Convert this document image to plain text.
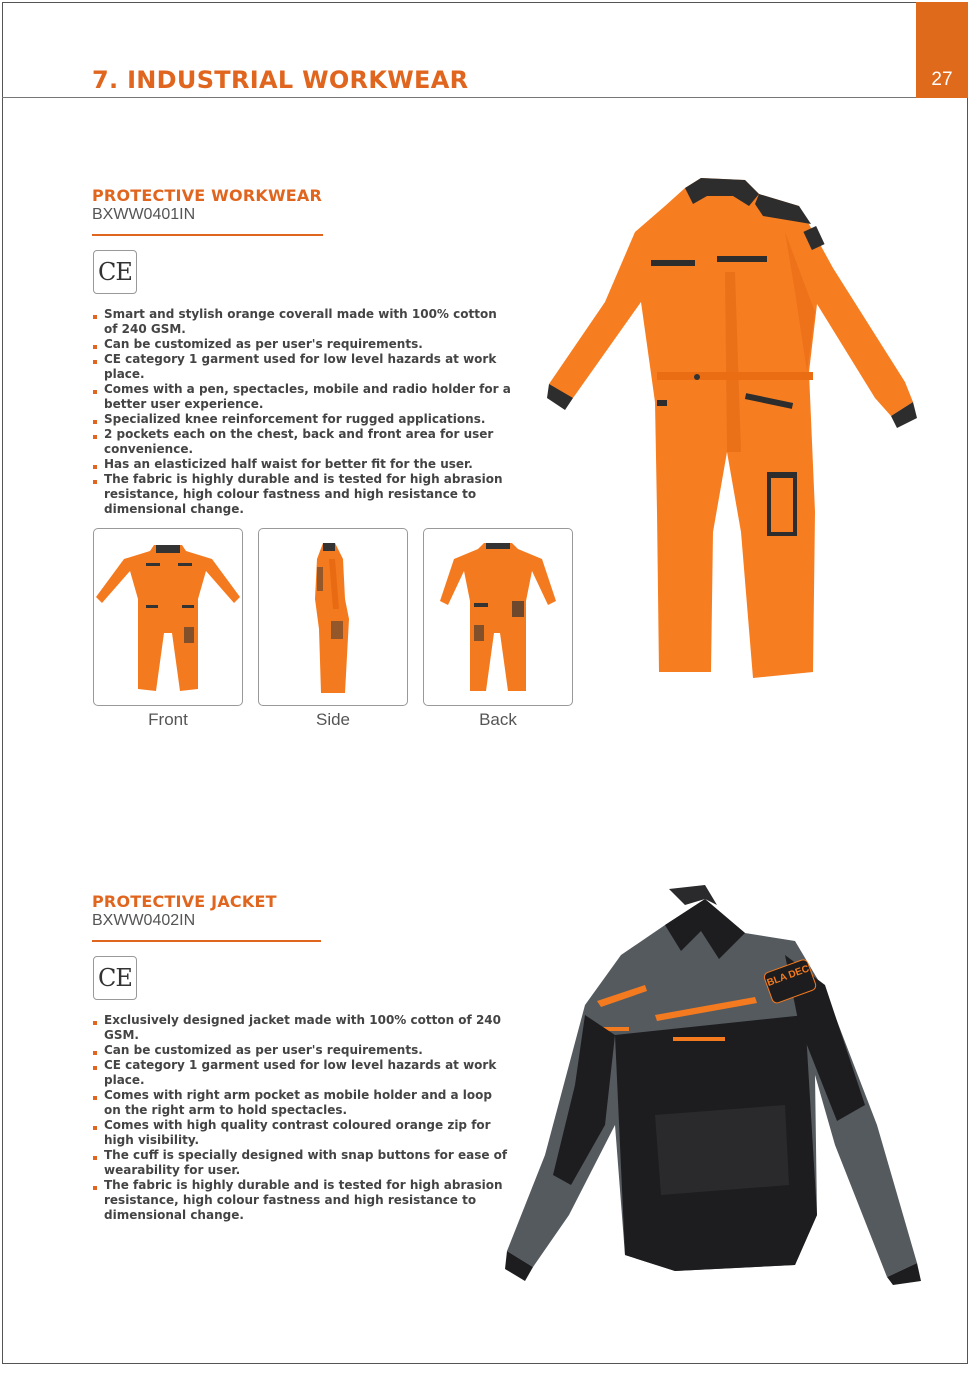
7. INDUSTRIAL WORKWEAR	27
PROTECTIVE WORKWEAR
BXWW0401IN
CE
Smart and stylish orange coverall made with 100% cotton of 240 GSM.
Can be customized as per user's requirements.
CE category 1 garment used for low level hazards at work place.
Comes with a pen, spectacles, mobile and radio holder for a better user experience.
Specialized knee reinforcement for rugged applications.
2 pockets each on the chest, back and front area for user convenience.
Has an elasticized half waist for better fit for the user.
The fabric is highly durable and is tested for high abrasion resistance, high colour fastness and high resistance to dimensional change.
Front	Side	Back
PROTECTIVE JACKET
BXWW0402IN
CE
Exclusively designed jacket made with 100% cotton of 240 GSM.
Can be customized as per user's requirements.
CE category 1 garment used for low level hazards at work place.
Comes with right arm pocket as mobile holder and a loop on the right arm to hold spectacles.
Comes with high quality contrast coloured orange zip for high visibility.
The cuff is specially designed with snap buttons for ease of wearability for user.
The fabric is highly durable and is tested for high abrasion resistance, high colour fastness and high resistance to dimensional change.
BLA DEC
